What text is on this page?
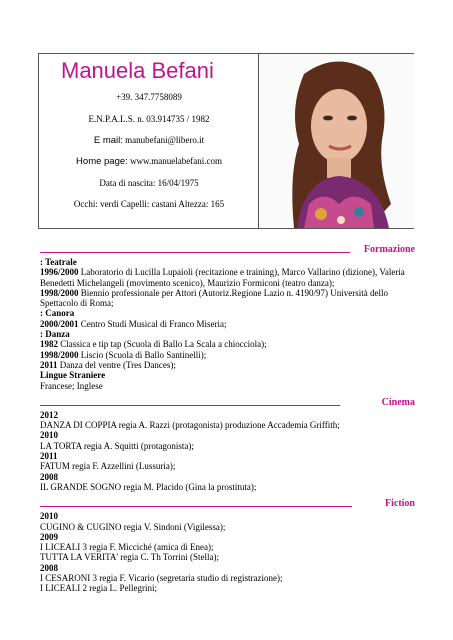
Manuela Befani
+39. 347.7758089
E.N.P.A.L.S. n. 03.914735 / 1982
E mail: manubefani@libero.it
Home page: www.manuelabefani.com
Data di nascita: 16/04/1975
Occhi: verdi Capelli: castani Altezza: 165
Formazione
: Teatrale
1996/2000 Laboratorio di Lucilla Lupaioli (recitazione e training), Marco Vallarino (dizione), Valeria
Benedetti Michelangeli (movimento scenico), Maurizio Formiconi (teatro danza);
1998/2000 Biennio professionale per Attori (Autoriz.Regione Lazio n. 4190/97) Università dello
Spettacolo di Roma;
: Canora
2000/2001 Centro Studi Musical di Franco Miseria;
: Danza
1982 Classica e tip tap (Scuola di Ballo La Scala a chiocciola);
1998/2000 Liscio (Scuola di Ballo Santinelli);
2011 Danza del ventre (Tres Dances);
Lingue Straniere
Francese; Inglese
Cinema
2012
DANZA DI COPPIA regia A. Razzi (protagonista) produzione Accademia Griffith;
2010
LA TORTA regia A. Squitti (protagonista);
2011
FATUM regia F. Azzellini (Lussuria);
2008
IL GRANDE SOGNO regia M. Placido (Gina la prostituta);
Fiction
2010
CUGINO & CUGINO regia V. Sindoni (Vigilessa);
2009
I LICEALI 3 regia F. Micciché (amica di Enea);
TUTTA LA VERITA' regia C. Th Torrini (Stella);
2008
I CESARONI 3 regia F. Vicario (segretaria studio di registrazione);
I LICEALI 2 regia L. Pellegrini;
